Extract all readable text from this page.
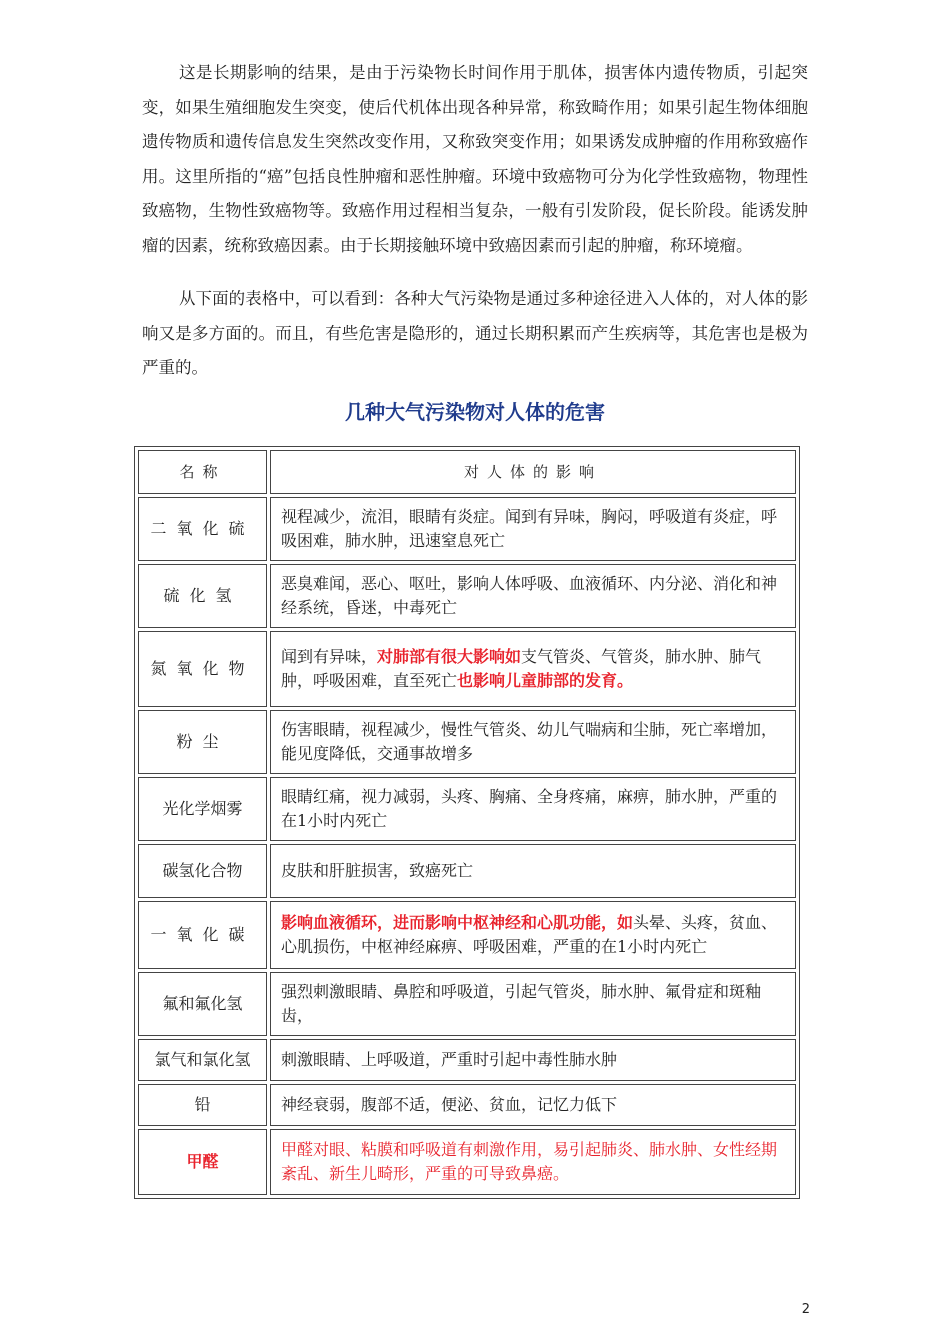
这是长期影响的结果，是由于污染物长时间作用于肌体，损害体内遗传物质，引起突变，如果生殖细胞发生突变，使后代机体出现各种异常，称致畸作用；如果引起生物体细胞遗传物质和遗传信息发生突然改变作用，又称致突变作用；如果诱发成肿瘤的作用称致癌作用。这里所指的“癌”包括良性肿瘤和恶性肿瘤。环境中致癌物可分为化学性致癌物，物理性致癌物，生物性致癌物等。致癌作用过程相当复杂，一般有引发阶段，促长阶段。能诱发肿瘤的因素，统称致癌因素。由于长期接触环境中致癌因素而引起的肿瘤，称环境瘤。

从下面的表格中，可以看到：各种大气污染物是通过多种途径进入人体的，对人体的影响又是多方面的。而且，有些危害是隐形的，通过长期积累而产生疾病等，其危害也是极为严重的。

几种大气污染物对人体的危害
名称	对人体的影响
二氧化硫	视程减少，流泪，眼睛有炎症。闻到有异味，胸闷，呼吸道有炎症，呼吸困难，肺水肿，迅速窒息死亡
硫化氢	恶臭难闻，恶心、呕吐，影响人体呼吸、血液循环、内分泌、消化和神经系统，昏迷，中毒死亡
氮氧化物	闻到有异味，对肺部有很大影响如支气管炎、气管炎，肺水肿、肺气肿，呼吸困难，直至死亡也影响儿童肺部的发育。
粉尘	伤害眼睛，视程减少，慢性气管炎、幼儿气喘病和尘肺，死亡率增加，能见度降低，交通事故增多
光化学烟雾	眼睛红痛，视力减弱，头疼、胸痛、全身疼痛，麻痹，肺水肿，严重的在1小时内死亡
碳氢化合物	皮肤和肝脏损害，致癌死亡
一氧化碳	影响血液循环，进而影响中枢神经和心肌功能，如头晕、头疼，贫血、心肌损伤，中枢神经麻痹、呼吸困难，严重的在1小时内死亡
氟和氟化氢	强烈刺激眼睛、鼻腔和呼吸道，引起气管炎，肺水肿、氟骨症和斑釉齿，
氯气和氯化氢	刺激眼睛、上呼吸道，严重时引起中毒性肺水肿
铅	神经衰弱，腹部不适，便泌、贫血，记忆力低下
甲醛	甲醛对眼、粘膜和呼吸道有刺激作用，易引起肺炎、肺水肿、女性经期紊乱、新生儿畸形，严重的可导致鼻癌。
2
